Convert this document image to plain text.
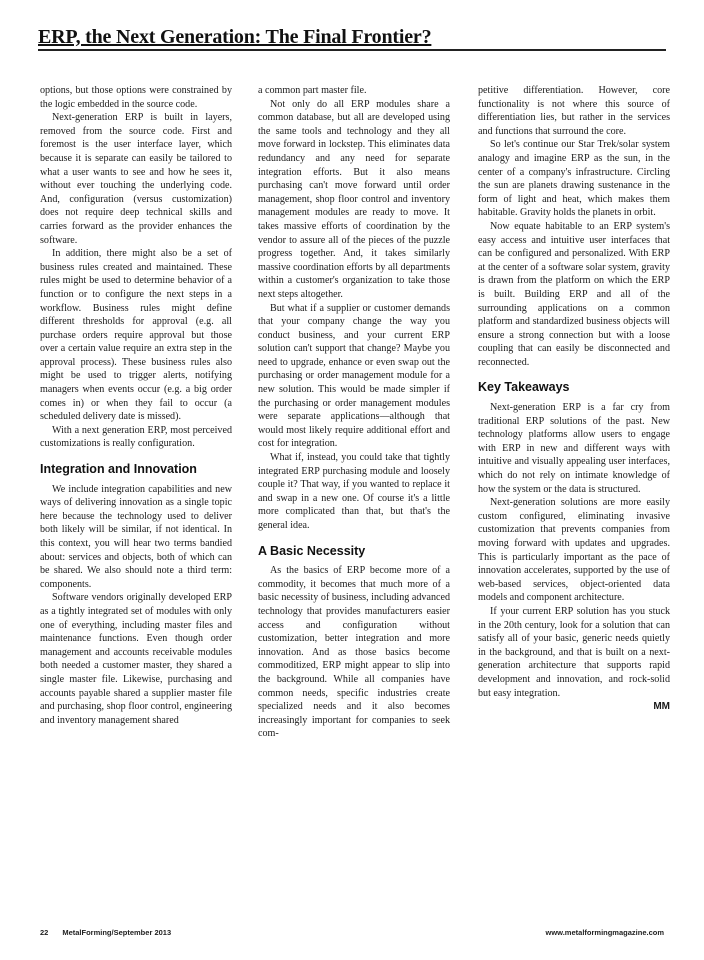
ERP, the Next Generation: The Final Frontier?

options, but those options were constrained by the logic embedded in the source code.

Next-generation ERP is built in layers, removed from the source code. First and foremost is the user interface layer, which because it is separate can easily be tailored to what a user wants to see and how he sees it, without ever touching the underlying code. And, configuration (versus customization) does not require deep technical skills and carries forward as the provider enhances the software.

In addition, there might also be a set of business rules created and maintained. These rules might be used to determine behavior of a function or to configure the next steps in a workflow. Business rules might define different thresholds for approval (e.g. all purchase orders require approval but those over a certain value require an extra step in the approval process). These business rules also might be used to trigger alerts, notifying managers when events occur (e.g. a big order comes in) or when they fail to occur (a scheduled delivery date is missed).

With a next generation ERP, most perceived customizations is really configuration.

Integration and Innovation

We include integration capabilities and new ways of delivering innovation as a single topic here because the technology used to deliver both likely will be similar, if not identical. In this context, you will hear two terms bandied about: services and objects, both of which can be shared. We also should note a third term: components.

Software vendors originally developed ERP as a tightly integrated set of modules with only one of everything, including master files and maintenance functions. Even though order management and accounts receivable modules both needed a customer master, they shared a single master file. Likewise, purchasing and accounts payable shared a supplier master file and purchasing, shop floor control, engineering and inventory management shared

a common part master file.

Not only do all ERP modules share a common database, but all are developed using the same tools and technology and they all move forward in lockstep. This eliminates data redundancy and any need for separate integration efforts. But it also means purchasing can't move forward until order management, shop floor control and inventory management modules are ready to move. It takes massive efforts of coordination by the vendor to assure all of the pieces of the puzzle progress together. And, it takes similarly massive coordination efforts by all departments within a customer's organization to take those next steps altogether.

But what if a supplier or customer demands that your company change the way you conduct business, and your current ERP solution can't support that change? Maybe you need to upgrade, enhance or even swap out the purchasing or order management module for a new solution. This would be made simpler if the purchasing or order management modules were separate applications—although that would most likely require additional effort and cost for integration.

What if, instead, you could take that tightly integrated ERP purchasing module and loosely couple it? That way, if you wanted to replace it and swap in a new one. Of course it's a little more complicated than that, but that's the general idea.

A Basic Necessity

As the basics of ERP become more of a commodity, it becomes that much more of a basic necessity of business, including advanced technology that provides manufacturers easier access and configuration without customization, better integration and more innovation. And as those basics become commoditized, ERP might appear to slip into the background. While all companies have common needs, specific industries create specialized needs and it also becomes increasingly important for companies to seek com-

petitive differentiation. However, core functionality is not where this source of differentiation lies, but rather in the services and functions that surround the core.

So let's continue our Star Trek/solar system analogy and imagine ERP as the sun, in the center of a company's infrastructure. Circling the sun are planets drawing sustenance in the form of light and heat, which makes them habitable. Gravity holds the planets in orbit.

Now equate habitable to an ERP system's easy access and intuitive user interfaces that can be configured and personalized. With ERP at the center of a software solar system, gravity is drawn from the platform on which the ERP is built. Building ERP and all of the surrounding applications on a common platform and standardized business objects will ensure a strong connection but with a loose coupling that can easily be disconnected and reconnected.

Key Takeaways

Next-generation ERP is a far cry from traditional ERP solutions of the past. New technology platforms allow users to engage with ERP in new and different ways with intuitive and visually appealing user interfaces, which do not rely on intimate knowledge of how the system or the data is structured.

Next-generation solutions are more easily custom configured, eliminating invasive customization that prevents companies from moving forward with updates and upgrades. This is particularly important as the pace of innovation accelerates, supported by the use of web-based services, object-oriented data models and component architecture.

If your current ERP solution has you stuck in the 20th century, look for a solution that can satisfy all of your basic, generic needs quietly in the background, and that is built on a next-generation architecture that supports rapid development and innovation, and rock-solid but easy integration.

MM
22 MetalForming/September 2013	www.metalformingmagazine.com
